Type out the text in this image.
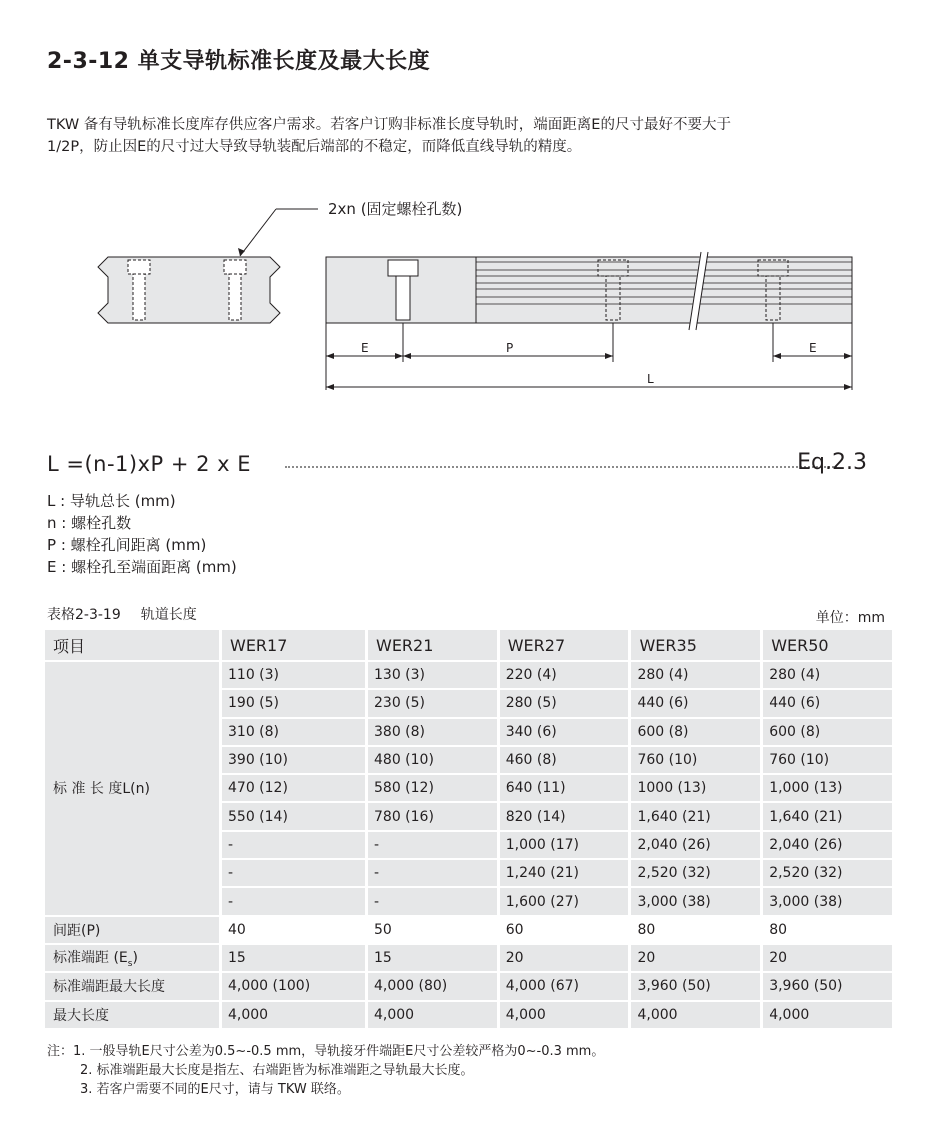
2-3-12 单支导轨标准长度及最大长度

TKW 备有导轨标准长度库存供应客户需求。若客户订购非标准长度导轨时，端面距离E的尺寸最好不要大于

1/2P，防止因E的尺寸过大导致导轨装配后端部的不稳定，而降低直线导轨的精度。

2xn (固定螺栓孔数)
E	P	E
L
L =(n-1)xP + 2 x E	Eq.2.3
L : 导轨总长 (mm)
n : 螺栓孔数
P : 螺栓孔间距离 (mm)
E : 螺栓孔至端面距离 (mm)
表格2-3-19 轨道长度	单位：mm
项目	WER17	WER21	WER27	WER35	WER50
标 准 长 度L(n)	110 (3)	130 (3)	220 (4)	280 (4)	280 (4)
	190 (5)	230 (5)	280 (5)	440 (6)	440 (6)
	310 (8)	380 (8)	340 (6)	600 (8)	600 (8)
	390 (10)	480 (10)	460 (8)	760 (10)	760 (10)
	470 (12)	580 (12)	640 (11)	1000 (13)	1,000 (13)
	550 (14)	780 (16)	820 (14)	1,640 (21)	1,640 (21)
	-	-	1,000 (17)	2,040 (26)	2,040 (26)
	-	-	1,240 (21)	2,520 (32)	2,520 (32)
	-	-	1,600 (27)	3,000 (38)	3,000 (38)
间距(P)	40	50	60	80	80
标准端距 $(E_s)$	15	15	20	20	20
标准端距最大长度	4,000 (100)	4,000 (80)	4,000 (67)	3,960 (50)	3,960 (50)
最大长度	4,000	4,000	4,000	4,000	4,000
注：1. 一般导轨E尺寸公差为0.5~-0.5 mm，导轨接牙件端距E尺寸公差较严格为0~-0.3 mm。
2. 标准端距最大长度是指左、右端距皆为标准端距之导轨最大长度。
3. 若客户需要不同的E尺寸，请与 TKW 联络。
